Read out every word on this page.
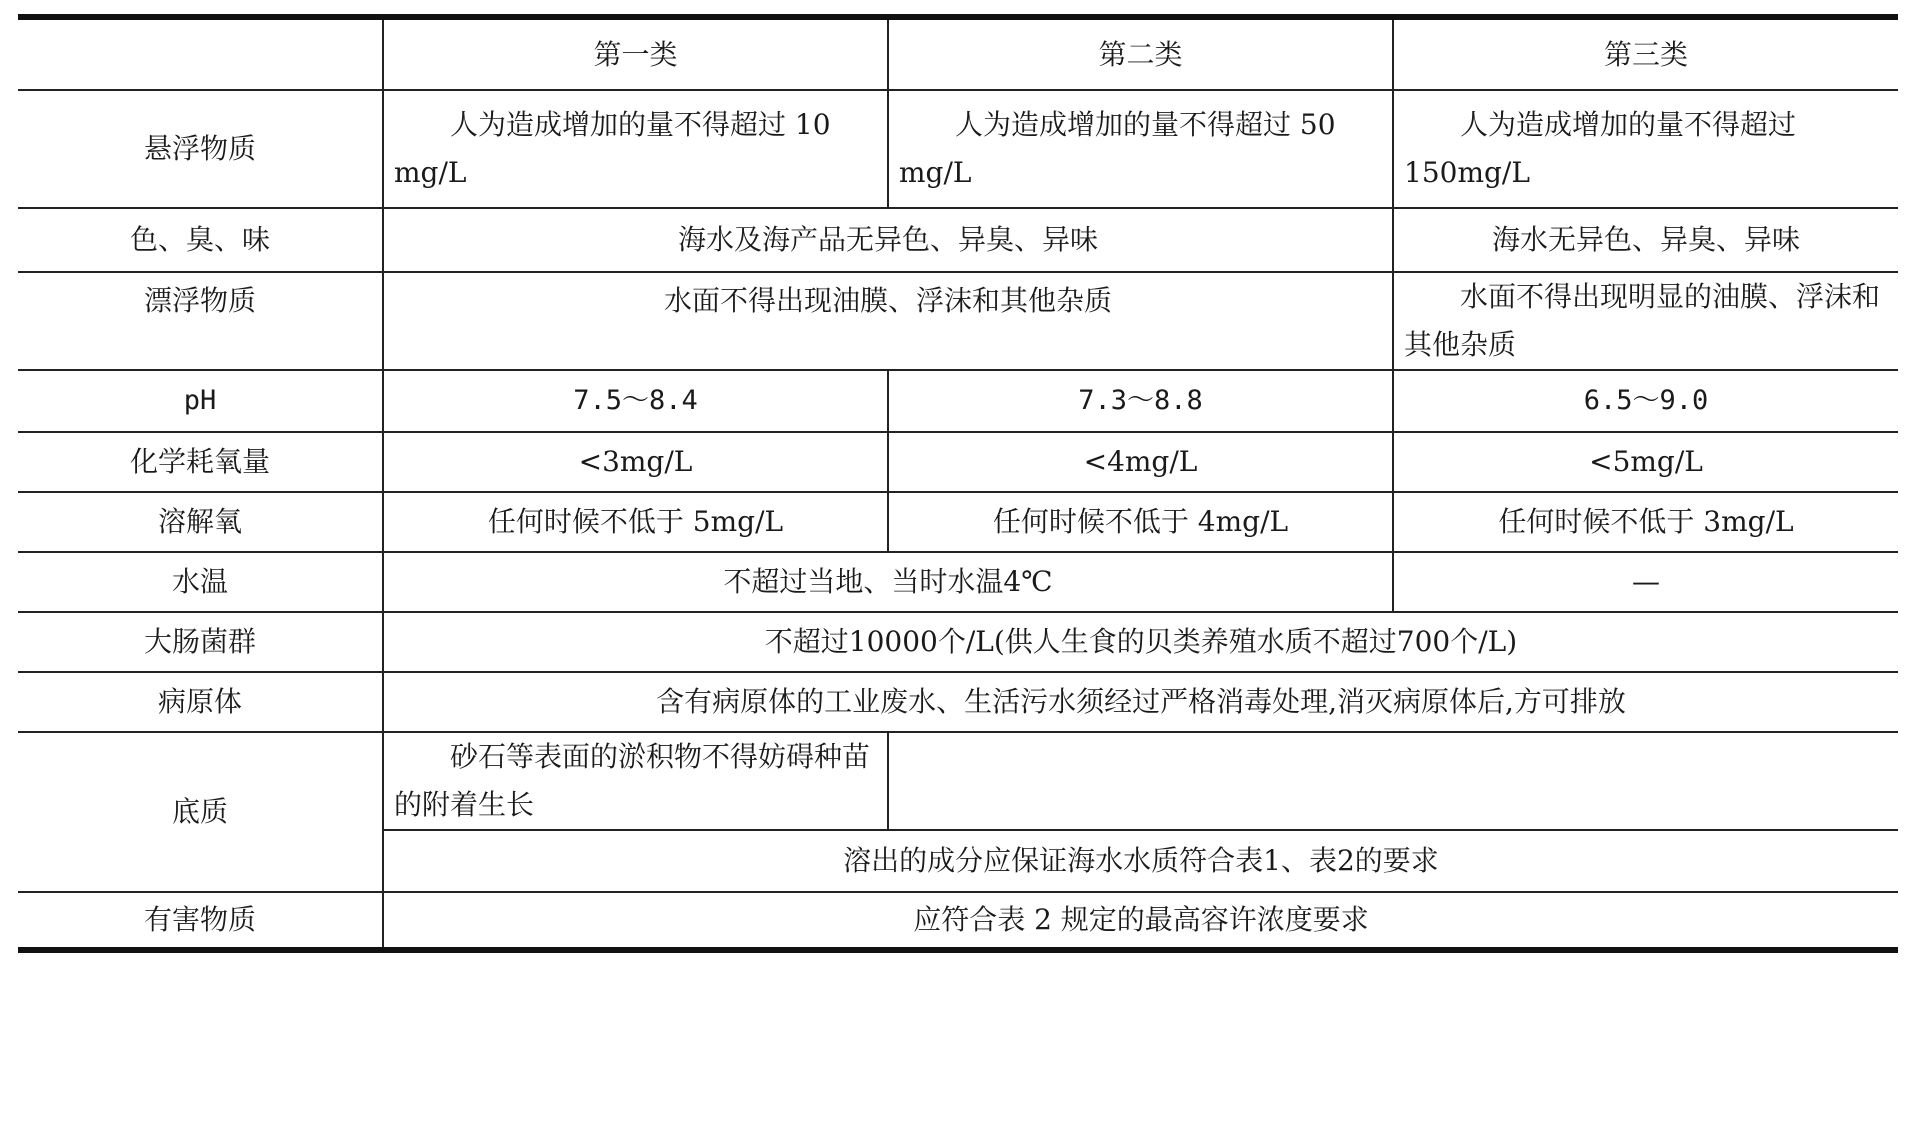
	第一类	第二类	第三类
悬浮物质	人为造成增加的量不得超过 10 mg/L	人为造成增加的量不得超过 50 mg/L	人为造成增加的量不得超过150mg/L
色、臭、味	海水及海产品无异色、异臭、异味		海水无异色、异臭、异味
漂浮物质	水面不得出现油膜、浮沫和其他杂质		水面不得出现明显的油膜、浮沫和其他杂质
pH	7.5～8.4	7.3～8.8	6.5～9.0
化学耗氧量	<3mg/L	<4mg/L	<5mg/L
溶解氧	任何时候不低于 5mg/L	任何时候不低于 4mg/L	任何时候不低于 3mg/L
水温	不超过当地、当时水温4℃		—
大肠菌群	不超过10000个/L(供人生食的贝类养殖水质不超过700个/L)		
病原体	含有病原体的工业废水、生活污水须经过严格消毒处理,消灭病原体后,方可排放		
底质	砂石等表面的淤积物不得妨碍种苗的附着生长		
	溶出的成分应保证海水水质符合表1、表2的要求		
有害物质	应符合表 2 规定的最高容许浓度要求		
